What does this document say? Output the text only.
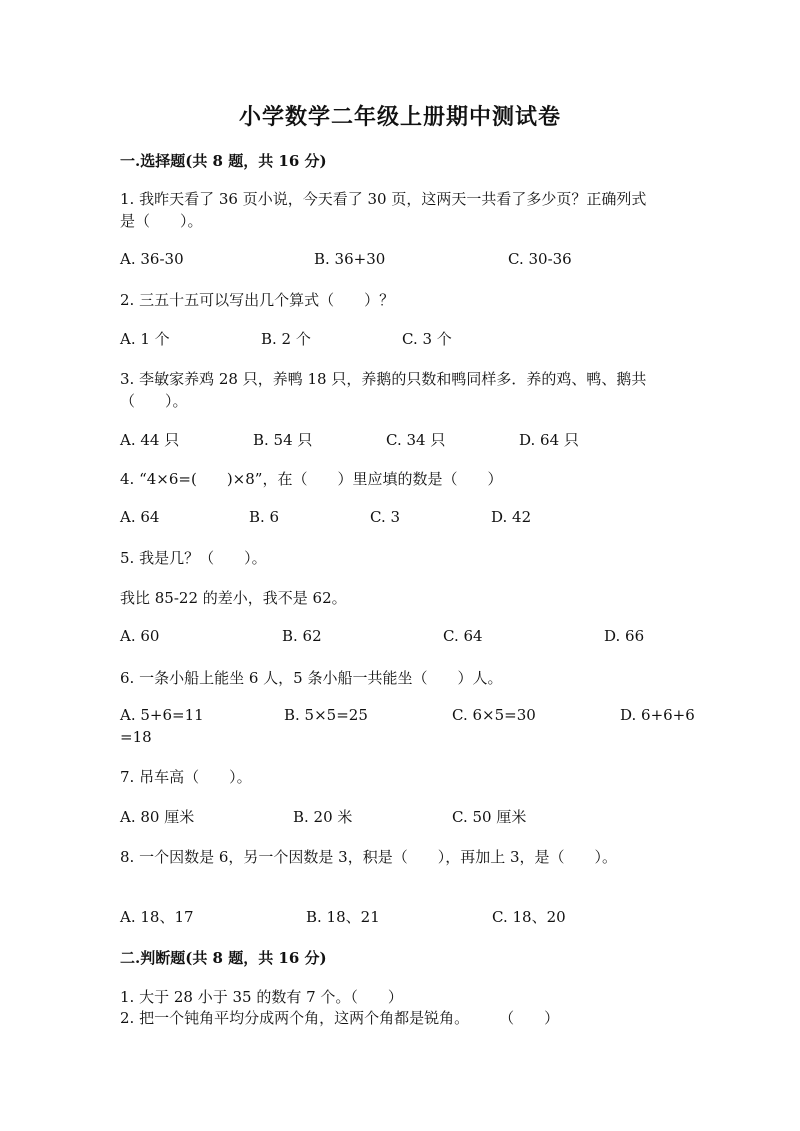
小学数学二年级上册期中测试卷
一.选择题(共 8 题，共 16 分)
1. 我昨天看了 36 页小说，今天看了 30 页，这两天一共看了多少页？正确列式
是（　　）。
A. 36-30	B. 36+30	C. 30-36
2. 三五十五可以写出几个算式（　　）？
A. 1 个	B. 2 个	C. 3 个
3. 李敏家养鸡 28 只，养鸭 18 只，养鹅的只数和鸭同样多．养的鸡、鸭、鹅共
（　　）。
A. 44 只	B. 54 只	C. 34 只	D. 64 只
4. “4×6=(　　)×8”，在（　　）里应填的数是（　　）
A. 64	B. 6	C. 3	D. 42
5. 我是几？（　　）。
我比 85-22 的差小，我不是 62。
A. 60	B. 62	C. 64	D. 66
6. 一条小船上能坐 6 人，5 条小船一共能坐（　　）人。
A. 5+6=11	B. 5×5=25	C. 6×5=30	D. 6+6+6
=18
7. 吊车高（　　）。
A. 80 厘米	B. 20 米	C. 50 厘米
8. 一个因数是 6，另一个因数是 3，积是（　　），再加上 3，是（　　）。
A. 18、17	B. 18、21	C. 18、20
二.判断题(共 8 题，共 16 分)
1. 大于 28 小于 35 的数有 7 个。（　　）
2. 把一个钝角平均分成两个角，这两个角都是锐角。　　　（　　）
